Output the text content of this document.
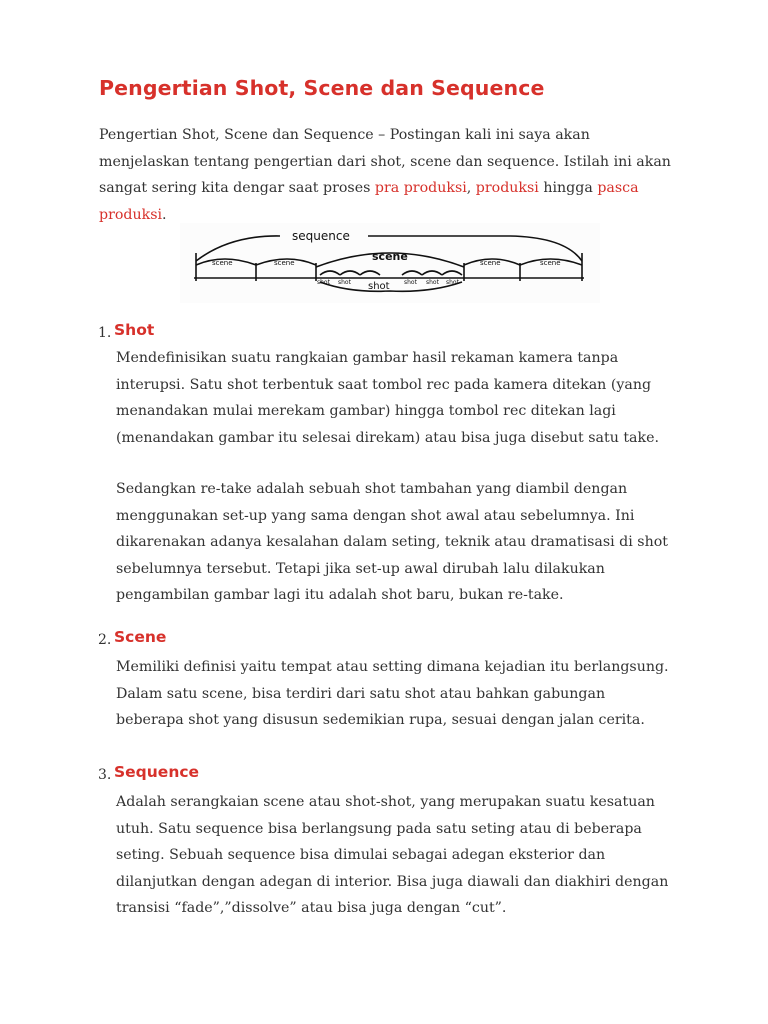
Pengertian Shot, Scene dan Sequence

Pengertian Shot, Scene dan Sequence – Postingan kali ini saya akan menjelaskan tentang pengertian dari shot, scene dan sequence. Istilah ini akan sangat sering kita dengar saat proses pra produksi, produksi hingga pasca produksi.

sequence
scene
scene	scene	scene	scene
shot shot	shot shot shot
shot
1. Shot

Mendefinisikan suatu rangkaian gambar hasil rekaman kamera tanpa interupsi. Satu shot terbentuk saat tombol rec pada kamera ditekan (yang menandakan mulai merekam gambar) hingga tombol rec ditekan lagi (menandakan gambar itu selesai direkam) atau bisa juga disebut satu take.

Sedangkan re-take adalah sebuah shot tambahan yang diambil dengan menggunakan set-up yang sama dengan shot awal atau sebelumnya. Ini dikarenakan adanya kesalahan dalam seting, teknik atau dramatisasi di shot sebelumnya tersebut. Tetapi jika set-up awal dirubah lalu dilakukan pengambilan gambar lagi itu adalah shot baru, bukan re-take.

2. Scene

Memiliki definisi yaitu tempat atau setting dimana kejadian itu berlangsung. Dalam satu scene, bisa terdiri dari satu shot atau bahkan gabungan beberapa shot yang disusun sedemikian rupa, sesuai dengan jalan cerita.

3. Sequence

Adalah serangkaian scene atau shot-shot, yang merupakan suatu kesatuan utuh. Satu sequence bisa berlangsung pada satu seting atau di beberapa seting. Sebuah sequence bisa dimulai sebagai adegan eksterior dan dilanjutkan dengan adegan di interior. Bisa juga diawali dan diakhiri dengan transisi “fade”,”dissolve” atau bisa juga dengan “cut”.
